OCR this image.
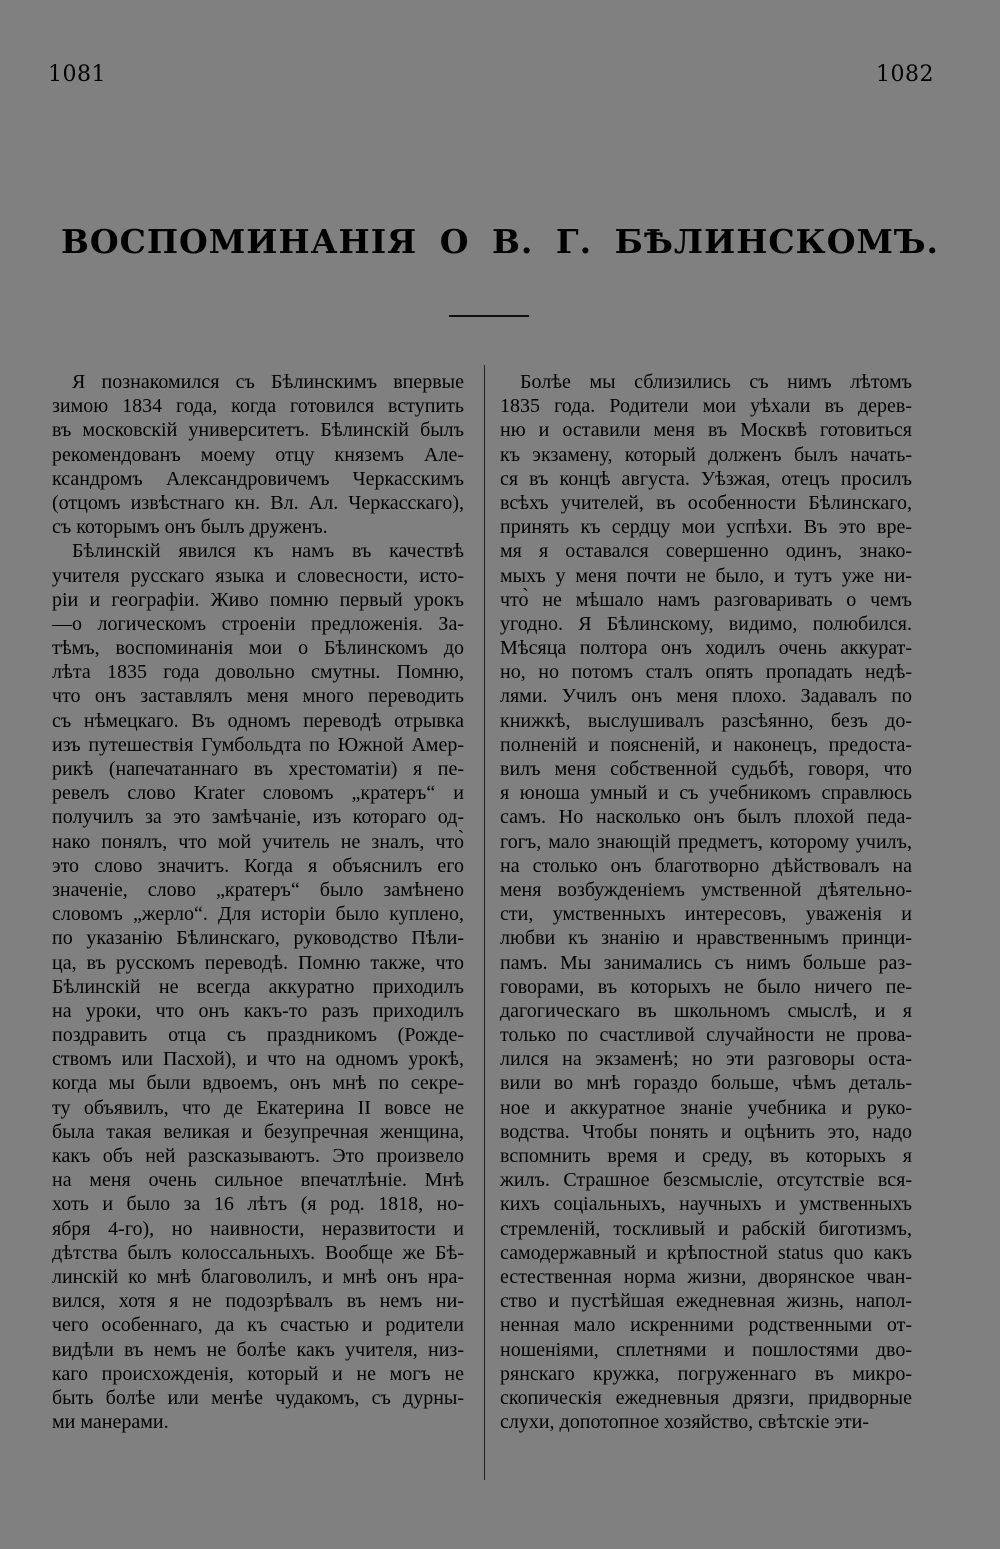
1081	1082
ВОСПОМИНАНІЯ О В. Г. БѢЛИНСКОМЪ.
Я познакомился съ Бѣлинскимъ впервые
зимою 1834 года, когда готовился вступить
въ московскій университетъ. Бѣлинскій былъ
рекомендованъ моему отцу княземъ Але-
ксандромъ Александровичемъ Черкасскимъ
(отцомъ извѣстнаго кн. Вл. Ал. Черкасскаго),
съ которымъ онъ былъ друженъ.
Бѣлинскій явился къ намъ въ качествѣ
учителя русскаго языка и словесности, исто-
ріи и географіи. Живо помню первый урокъ
—о логическомъ строеніи предложенія. За-
тѣмъ, воспоминанія мои о Бѣлинскомъ до
лѣта 1835 года довольно смутны. Помню,
что онъ заставлялъ меня много переводить
съ нѣмецкаго. Въ одномъ переводѣ отрывка
изъ путешествія Гумбольдта по Южной Амер-
рикѣ (напечатаннаго въ хрестоматіи) я пе-
ревелъ слово Krater словомъ „кратеръ“ и
получилъ за это замѣчаніе, изъ котораго од-
нако понялъ, что мой учитель не зналъ, что̀
это слово значитъ. Когда я объяснилъ его
значеніе, слово „кратеръ“ было замѣнено
словомъ „жерло“. Для исторіи было куплено,
по указанію Бѣлинскаго, руководство Пѣли-
ца, въ русскомъ переводѣ. Помню также, что
Бѣлинскій не всегда аккуратно приходилъ
на уроки, что онъ какъ-то разъ приходилъ
поздравить отца съ праздникомъ (Рожде-
ствомъ или Пасхой), и что на одномъ урокѣ,
когда мы были вдвоемъ, онъ мнѣ по секре-
ту объявилъ, что де Екатерина II вовсе не
была такая великая и безупречная женщина,
какъ объ ней разсказываютъ. Это произвело
на меня очень сильное впечатлѣніе. Мнѣ
хоть и было за 16 лѣтъ (я род. 1818, но-
ября 4-го), но наивности, неразвитости и
дѣтства былъ колоссальныхъ. Вообще же Бѣ-
линскій ко мнѣ благоволилъ, и мнѣ онъ нра-
вился, хотя я не подозрѣвалъ въ немъ ни-
чего особеннаго, да къ счастью и родители
видѣли въ немъ не болѣе какъ учителя, низ-
каго происхожденія, который и не могъ не
быть болѣе или менѣе чудакомъ, съ дурны-
ми манерами.
Болѣе мы сблизились съ нимъ лѣтомъ
1835 года. Родители мои уѣхали въ дерев-
ню и оставили меня въ Москвѣ готовиться
къ экзамену, который долженъ былъ начать-
ся въ концѣ августа. Уѣзжая, отецъ просилъ
всѣхъ учителей, въ особенности Бѣлинскаго,
принять къ сердцу мои успѣхи. Въ это вре-
мя я оставался совершенно одинъ, знако-
мыхъ у меня почти не было, и тутъ уже ни-
что̀ не мѣшало намъ разговаривать о чемъ
угодно. Я Бѣлинскому, видимо, полюбился.
Мѣсяца полтора онъ ходилъ очень аккурат-
но, но потомъ сталъ опять пропадать недѣ-
лями. Училъ онъ меня плохо. Задавалъ по
книжкѣ, выслушивалъ разсѣянно, безъ до-
полненій и поясненій, и наконецъ, предоста-
вилъ меня собственной судьбѣ, говоря, что
я юноша умный и съ учебникомъ справлюсь
самъ. Но насколько онъ былъ плохой педа-
гогъ, мало знающій предметъ, которому училъ,
на столько онъ благотворно дѣйствовалъ на
меня возбужденіемъ умственной дѣятельно-
сти, умственныхъ интересовъ, уваженія и
любви къ знанію и нравственнымъ принци-
памъ. Мы занимались съ нимъ больше раз-
говорами, въ которыхъ не было ничего пе-
дагогическаго въ школьномъ смыслѣ, и я
только по счастливой случайности не прова-
лился на экзаменѣ; но эти разговоры оста-
вили во мнѣ гораздо больше, чѣмъ деталь-
ное и аккуратное знаніе учебника и руко-
водства. Чтобы понять и оцѣнить это, надо
вспомнить время и среду, въ которыхъ я
жилъ. Страшное безсмысліе, отсутствіе вся-
кихъ соціальныхъ, научныхъ и умственныхъ
стремленій, тоскливый и рабскій биготизмъ,
самодержавный и крѣпостной status quo какъ
естественная норма жизни, дворянское чван-
ство и пустѣйшая ежедневная жизнь, напол-
ненная мало искренними родственными от-
ношеніями, сплетнями и пошлостями дво-
рянскаго кружка, погруженнаго въ микро-
скопическія ежедневныя дрязги, придворные
слухи, допотопное хозяйство, свѣтскіе эти-
